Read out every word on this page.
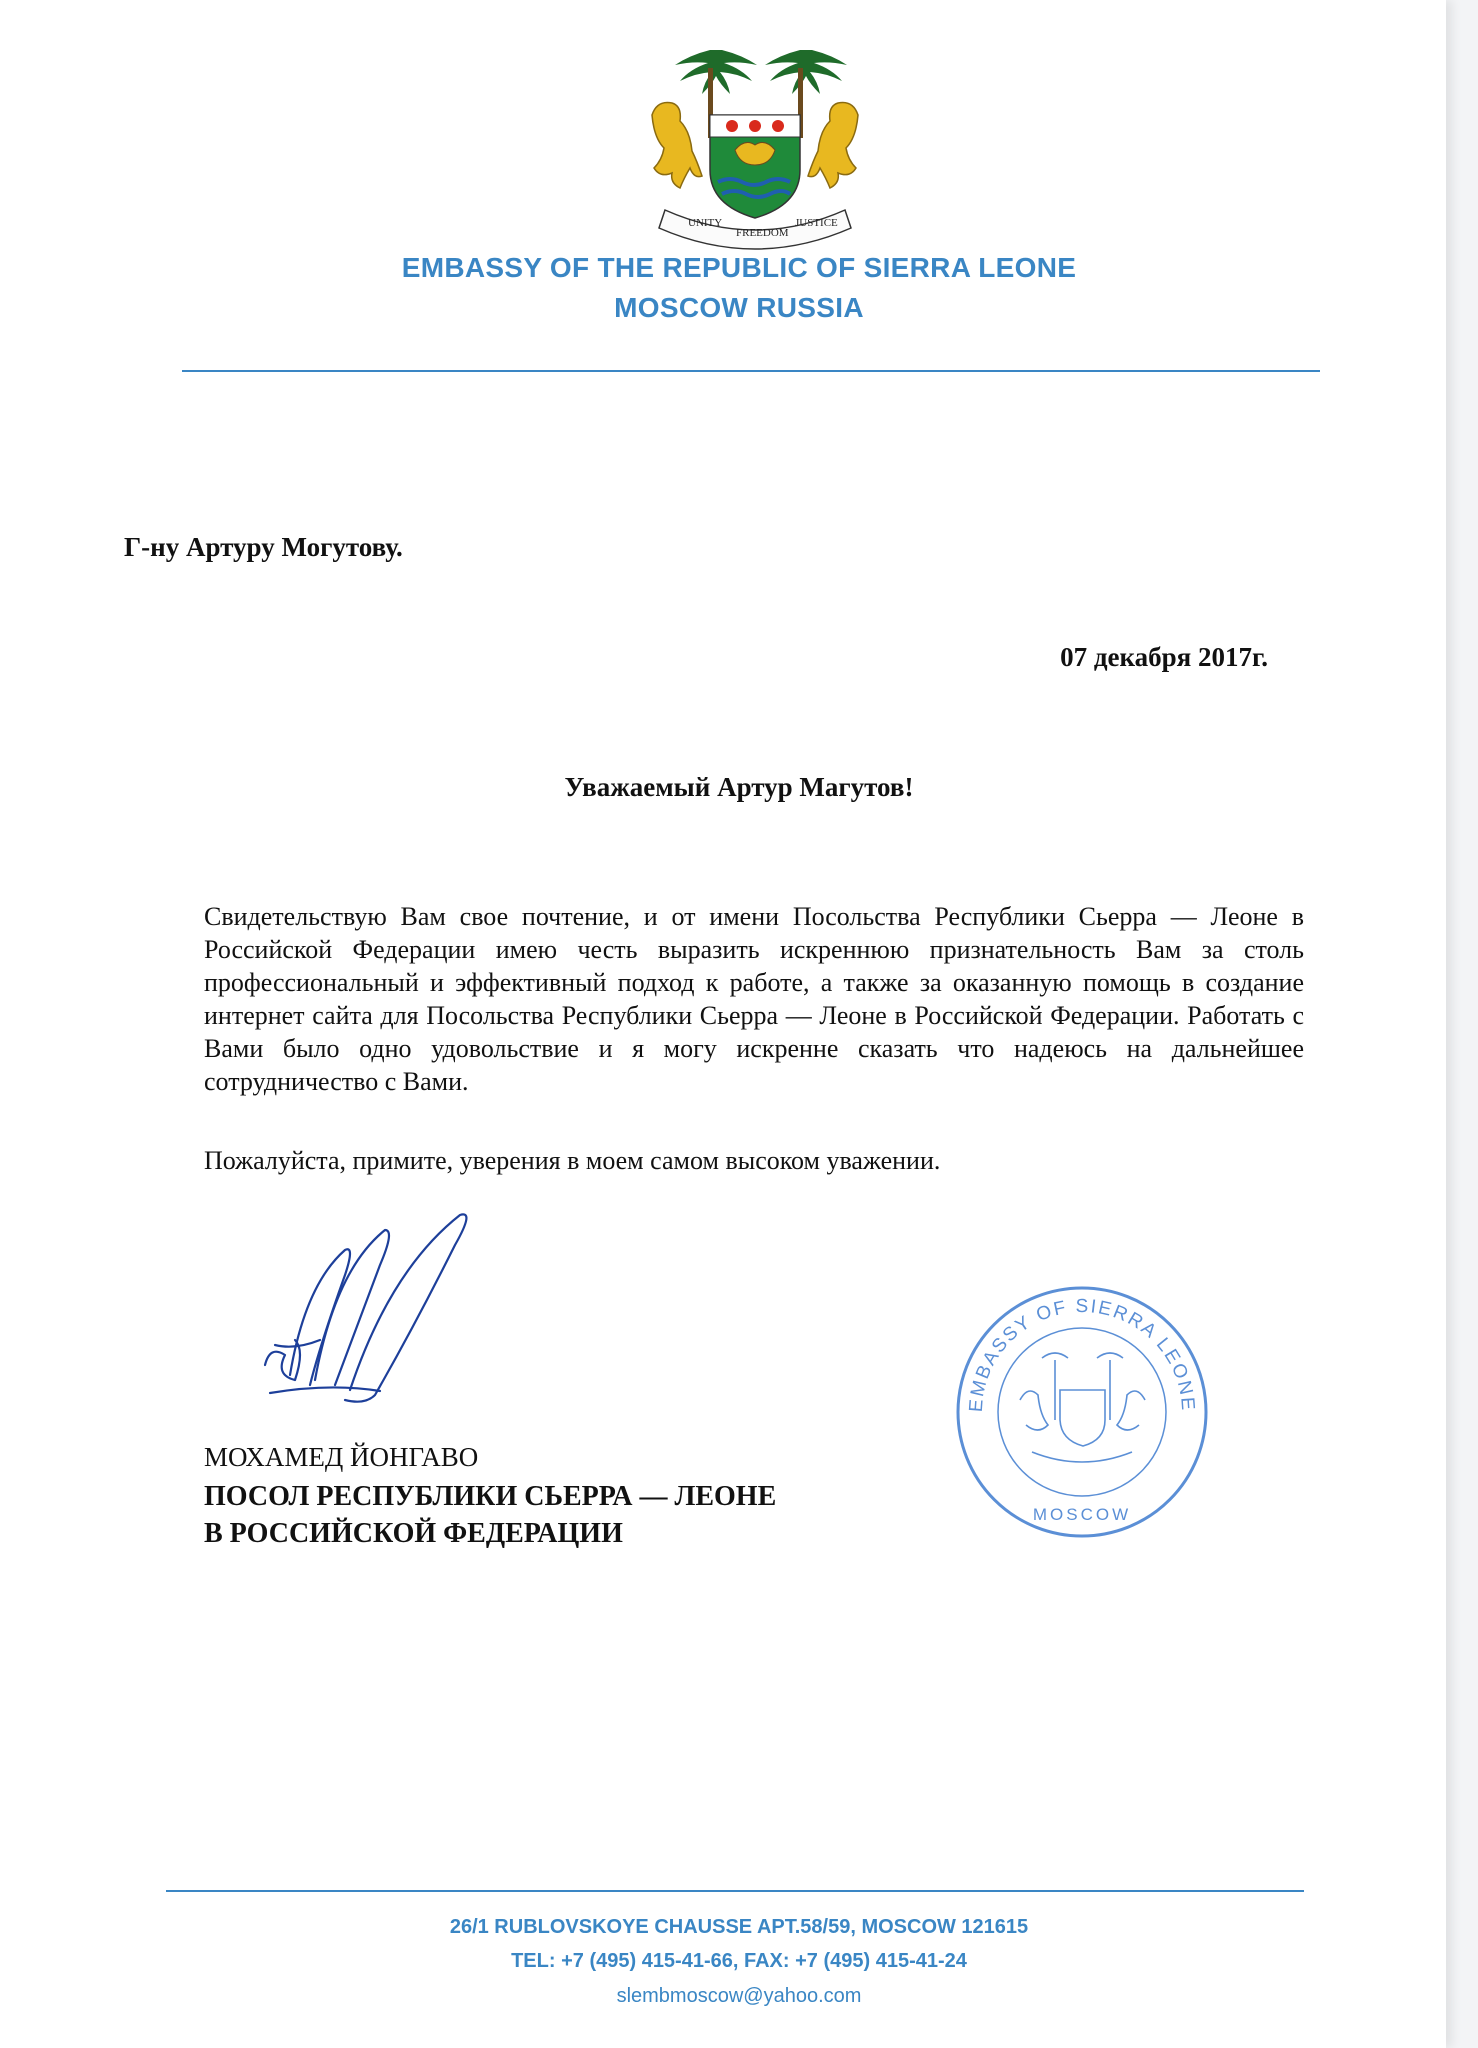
UNITY
FREEDOM
JUSTICE
EMBASSY OF THE REPUBLIC OF SIERRA LEONE
MOSCOW RUSSIA
Г-ну Артуру Могутову.
07 декабря 2017г.
Уважаемый Артур Магутов!

Свидетельствую Вам свое почтение, и от имени Посольства Республики Сьерра — Леоне в Российской Федерации имею честь выразить искреннюю признательность Вам за столь профессиональный и эффективный подход к работе, а также за оказанную помощь в создание интернет сайта для Посольства Республики Сьерра — Леоне в Российской Федерации. Работать с Вами было одно удовольствие и я могу искренне сказать что надеюсь на дальнейшее сотрудничество с Вами.

Пожалуйста, примите, уверения в моем самом высоком уважении.
EMBASSY OF SIERRA LEONE
MOSCOW
МОХАМЕД ЙОНГАВО
ПОСОЛ РЕСПУБЛИКИ СЬЕРРА — ЛЕОНЕ
В РОССИЙСКОЙ ФЕДЕРАЦИИ
26/1 RUBLOVSKOYE CHAUSSE APT.58/59, MOSCOW 121615
TEL: +7 (495) 415-41-66, FAX: +7 (495) 415-41-24
slembmoscow@yahoo.com
